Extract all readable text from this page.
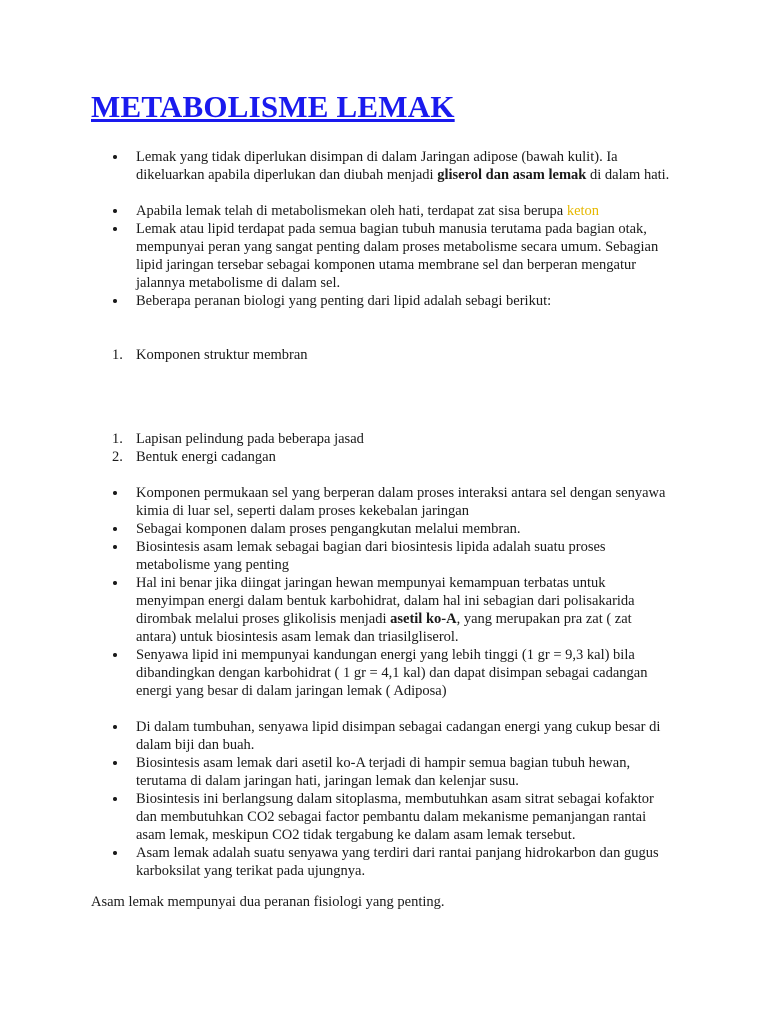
METABOLISME LEMAK
Lemak yang tidak diperlukan disimpan di dalam Jaringan adipose (bawah kulit). Ia dikeluarkan apabila diperlukan dan diubah menjadi gliserol dan asam lemak di dalam hati.
Apabila lemak telah di metabolismekan oleh hati, terdapat zat sisa berupa keton
Lemak atau lipid terdapat pada semua bagian tubuh manusia terutama pada bagian otak, mempunyai peran yang sangat penting dalam proses metabolisme secara umum. Sebagian lipid jaringan tersebar sebagai komponen utama membrane sel dan berperan mengatur jalannya metabolisme di dalam sel.
Beberapa peranan biologi yang penting dari lipid adalah sebagi berikut:
1. Komponen struktur membran
1. Lapisan pelindung pada beberapa jasad
2. Bentuk energi cadangan
Komponen permukaan sel yang berperan dalam proses interaksi antara sel dengan senyawa kimia di luar sel, seperti dalam proses kekebalan jaringan
Sebagai komponen dalam proses pengangkutan melalui membran.
Biosintesis asam lemak sebagai bagian dari biosintesis lipida adalah suatu proses metabolisme yang penting
Hal ini benar jika diingat jaringan hewan mempunyai kemampuan terbatas untuk menyimpan energi dalam bentuk karbohidrat, dalam hal ini sebagian dari polisakarida dirombak melalui proses glikolisis menjadi asetil ko-A, yang merupakan pra zat ( zat antara) untuk biosintesis asam lemak dan triasilgliserol.
Senyawa lipid ini mempunyai kandungan energi yang lebih tinggi (1 gr = 9,3 kal) bila dibandingkan dengan karbohidrat ( 1 gr = 4,1 kal) dan dapat disimpan sebagai cadangan energi yang besar di dalam jaringan lemak ( Adiposa)
Di dalam tumbuhan, senyawa lipid disimpan sebagai cadangan energi yang cukup besar di dalam biji dan buah.
Biosintesis asam lemak dari asetil ko-A terjadi di hampir semua bagian tubuh hewan, terutama di dalam jaringan hati, jaringan lemak dan kelenjar susu.
Biosintesis ini berlangsung dalam sitoplasma, membutuhkan asam sitrat sebagai kofaktor dan membutuhkan CO2 sebagai factor pembantu dalam mekanisme pemanjangan rantai asam lemak, meskipun CO2 tidak tergabung ke dalam asam lemak tersebut.
Asam lemak adalah suatu senyawa yang terdiri dari rantai panjang hidrokarbon dan gugus karboksilat yang terikat pada ujungnya.

Asam lemak mempunyai dua peranan fisiologi yang penting.
